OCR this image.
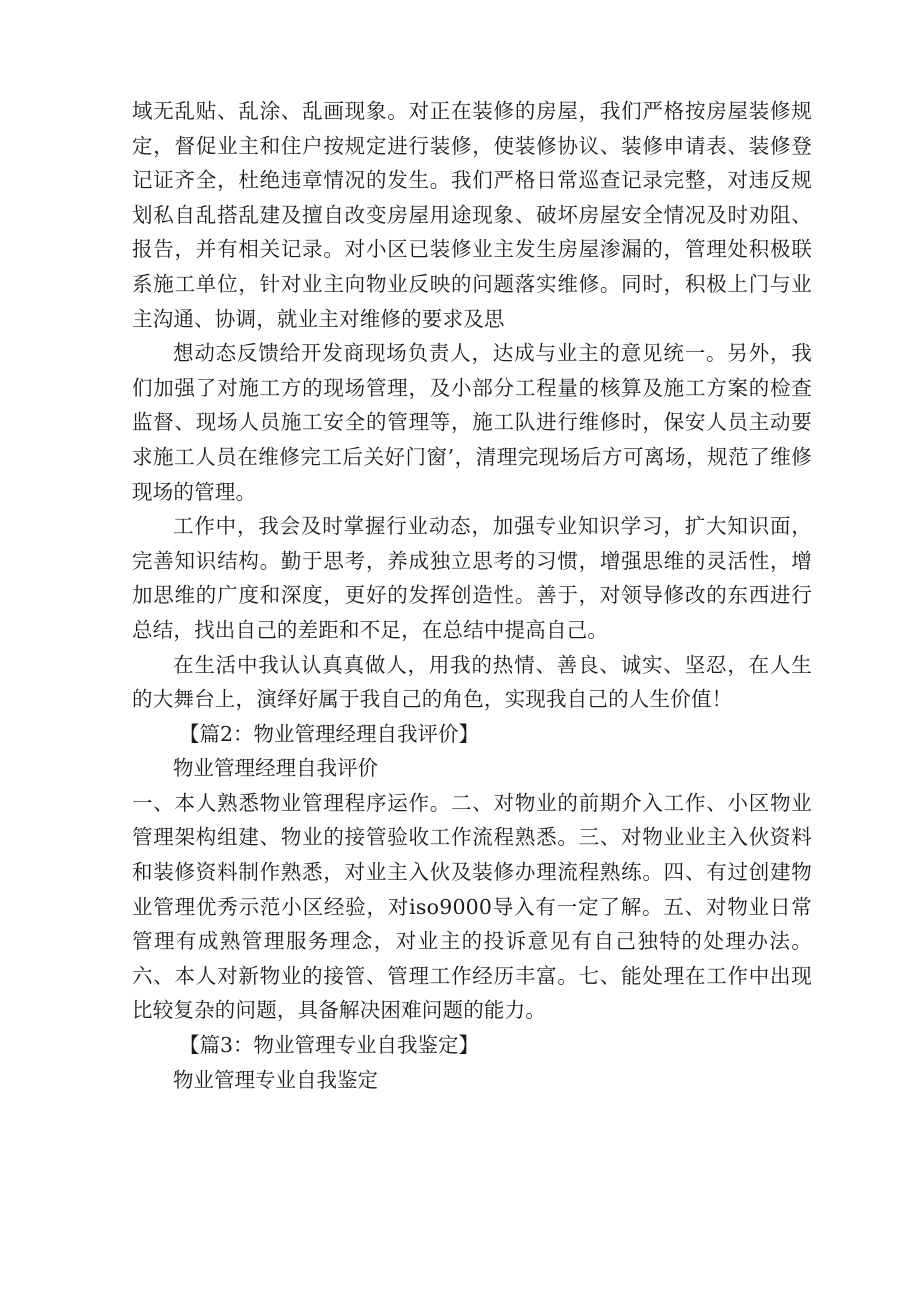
域无乱贴、乱涂、乱画现象。对正在装修的房屋，我们严格按房屋装修规定，督促业主和住户按规定进行装修，使装修协议、装修申请表、装修登记证齐全，杜绝违章情况的发生。我们严格日常巡查记录完整，对违反规划私自乱搭乱建及擅自改变房屋用途现象、破坏房屋安全情况及时劝阻、报告，并有相关记录。对小区已装修业主发生房屋渗漏的，管理处积极联系施工单位，针对业主向物业反映的问题落实维修。同时，积极上门与业主沟通、协调，就业主对维修的要求及思

想动态反馈给开发商现场负责人，达成与业主的意见统一。另外，我们加强了对施工方的现场管理，及小部分工程量的核算及施工方案的检查监督、现场人员施工安全的管理等，施工队进行维修时，保安人员主动要求施工人员在维修完工后关好门窗’，清理完现场后方可离场，规范了维修现场的管理。

工作中，我会及时掌握行业动态，加强专业知识学习，扩大知识面，完善知识结构。勤于思考，养成独立思考的习惯，增强思维的灵活性，增加思维的广度和深度，更好的发挥创造性。善于，对领导修改的东西进行总结，找出自己的差距和不足，在总结中提高自己。

在生活中我认认真真做人，用我的热情、善良、诚实、坚忍，在人生的大舞台上，演绎好属于我自己的角色，实现我自己的人生价值！

【篇2：物业管理经理自我评价】

物业管理经理自我评价

一、本人熟悉物业管理程序运作。二、对物业的前期介入工作、小区物业管理架构组建、物业的接管验收工作流程熟悉。三、对物业业主入伙资料和装修资料制作熟悉，对业主入伙及装修办理流程熟练。四、有过创建物业管理优秀示范小区经验，对iso9000导入有一定了解。五、对物业日常管理有成熟管理服务理念，对业主的投诉意见有自己独特的处理办法。六、本人对新物业的接管、管理工作经历丰富。七、能处理在工作中出现比较复杂的问题，具备解决困难问题的能力。

【篇3：物业管理专业自我鉴定】

物业管理专业自我鉴定
